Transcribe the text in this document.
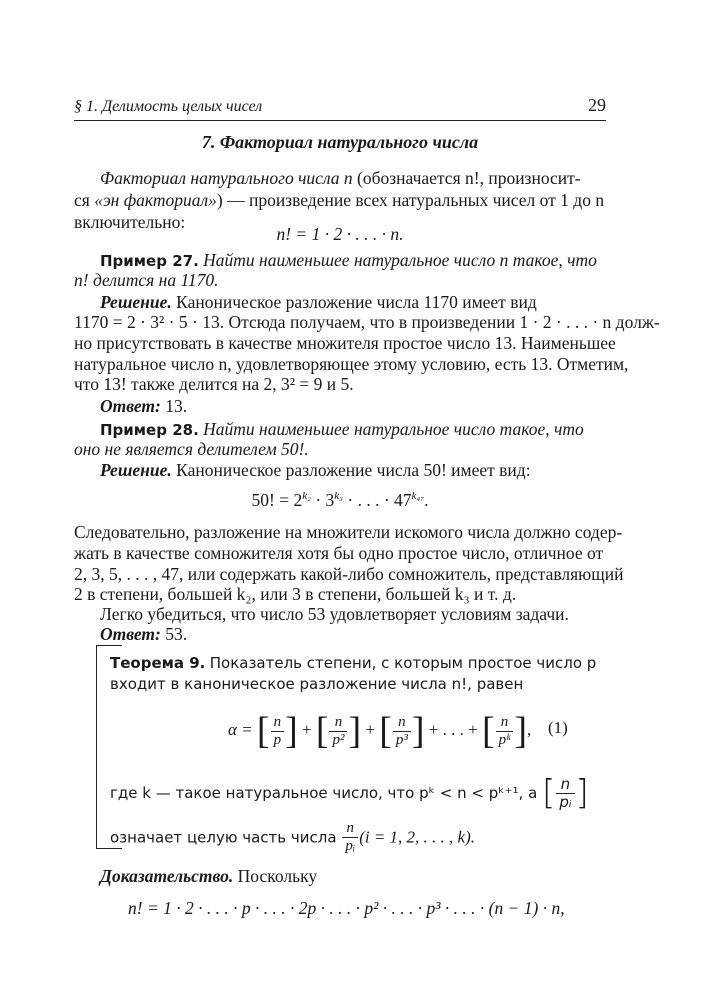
§ 1. Делимость целых чисел	29
7. Факториал натурального числа
Факториал натурального числа n (обозначается n!, произносит-
ся «эн факториал») — произведение всех натуральных чисел от 1 до n
включительно:
n! = 1 · 2 · . . . · n.
Пример 27. Найти наименьшее натуральное число n такое, что
n! делится на 1170.
Решение. Каноническое разложение числа 1170 имеет вид
1170 = 2 · 3² · 5 · 13. Отсюда получаем, что в произведении 1 · 2 · . . . · n долж-
но присутствовать в качестве множителя простое число 13. Наименьшее
натуральное число n, удовлетворяющее этому условию, есть 13. Отметим,
что 13! также делится на 2, 3² = 9 и 5.
Ответ: 13.
Пример 28. Найти наименьшее натуральное число такое, что
оно не является делителем 50!.
Решение. Каноническое разложение числа 50! имеет вид:
50! = $2^{k_2} \cdot 3^{k_3}$ · . . . · $47^{k_{47}}$.
Следовательно, разложение на множители искомого числа должно содер-
жать в качестве сомножителя хотя бы одно простое число, отличное от
2, 3, 5, . . . , 47, или содержать какой-либо сомножитель, представляющий
2 в степени, большей k₂, или 3 в степени, большей k₃ и т. д.
Легко убедиться, что число 53 удовлетворяет условиям задачи.
Ответ: 53.
Теорема 9. Показатель степени, с которым простое число p
входит в каноническое разложение числа n!, равен
α = [ $\frac{n}{p}$ ] + [ $\frac{n}{\text{p²}}$ ] + [ $\frac{n}{\text{p³}}$ ] + . . . + [ $\frac{n}{\text{pᵏ}}$ ], (1)
где k — такое натуральное число, что pᵏ < n < pᵏ⁺¹, а [ $\frac{n}{\text{pᵢ}}$ ]
означает целую часть числа $\frac{n}{\text{pᵢ}} (i = 1$, 2, . . . , k).
Доказательство. Поскольку
n! = 1 · 2 · . . . · p · . . . · 2p · . . . · p² · . . . · p³ · . . . · (n − 1) · n,
